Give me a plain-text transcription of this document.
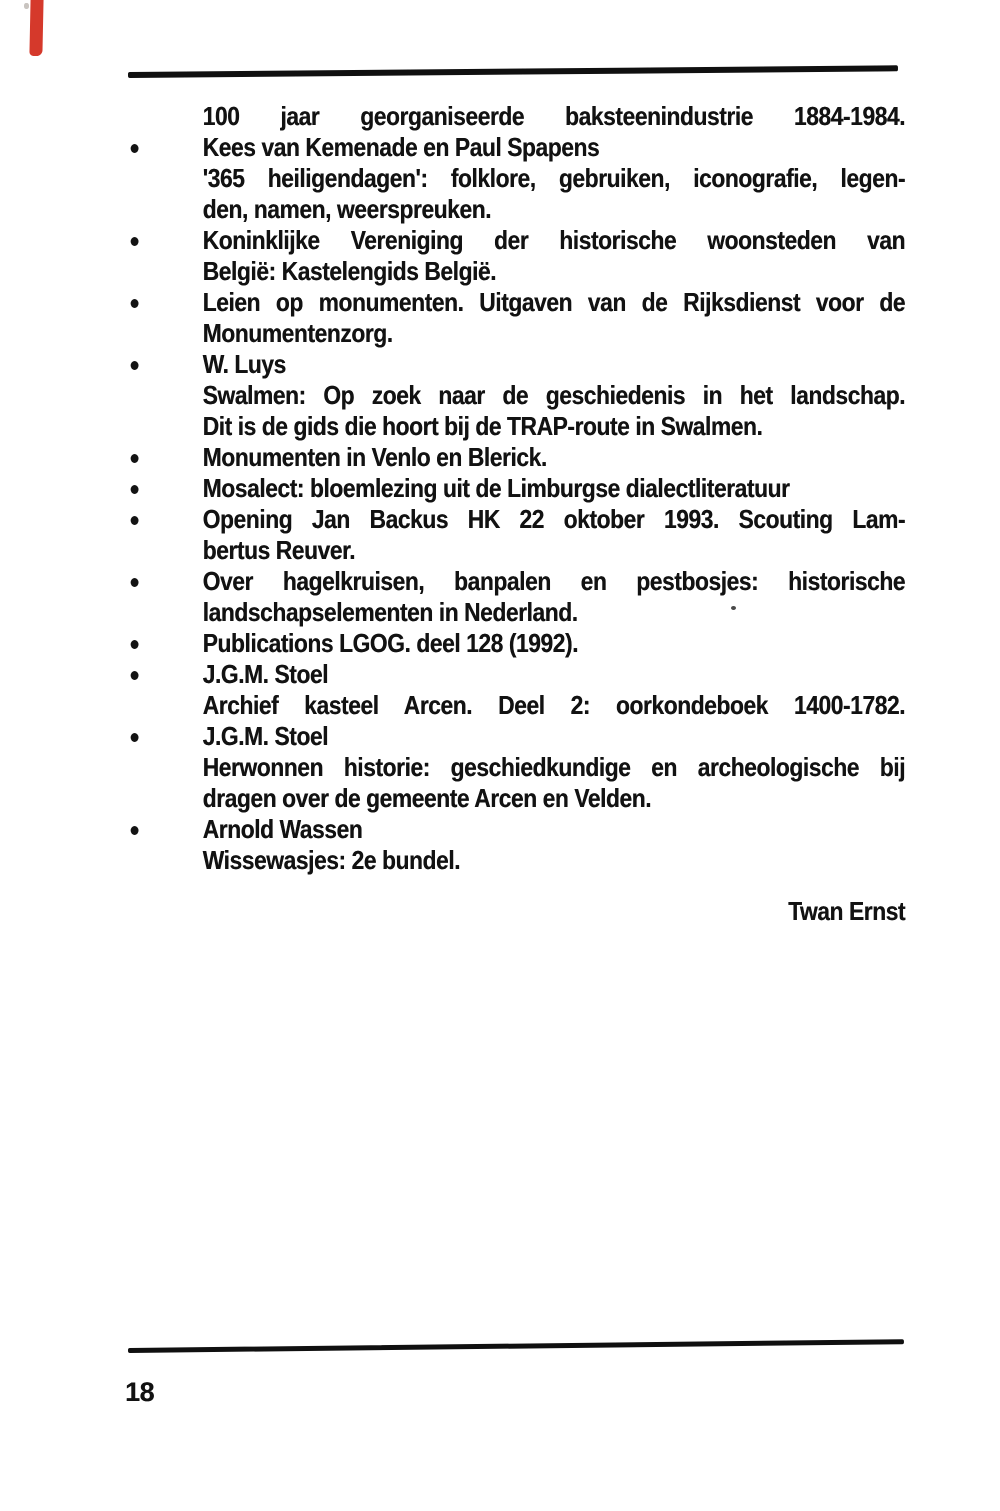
100 jaar georganiseerde baksteenindustrie 1884-1984.
Kees van Kemenade en Paul Spapens
'365 heiligendagen': folklore, gebruiken, iconografie, legen-
den, namen, weerspreuken.
Koninklijke Vereniging der historische woonsteden van
België: Kastelengids België.
Leien op monumenten. Uitgaven van de Rijksdienst voor de
Monumentenzorg.
W. Luys
Swalmen: Op zoek naar de geschiedenis in het landschap.
Dit is de gids die hoort bij de TRAP-route in Swalmen.
Monumenten in Venlo en Blerick.
Mosalect: bloemlezing uit de Limburgse dialectliteratuur
Opening Jan Backus HK 22 oktober 1993. Scouting Lam-
bertus Reuver.
Over hagelkruisen, banpalen en pestbosjes: historische
landschapselementen in Nederland.
Publications LGOG. deel 128 (1992).
J.G.M. Stoel
Archief kasteel Arcen. Deel 2: oorkondeboek 1400-1782.
J.G.M. Stoel
Herwonnen historie: geschiedkundige en archeologische bij
dragen over de gemeente Arcen en Velden.
Arnold Wassen
Wissewasjes: 2e bundel.
Twan Ernst
18
